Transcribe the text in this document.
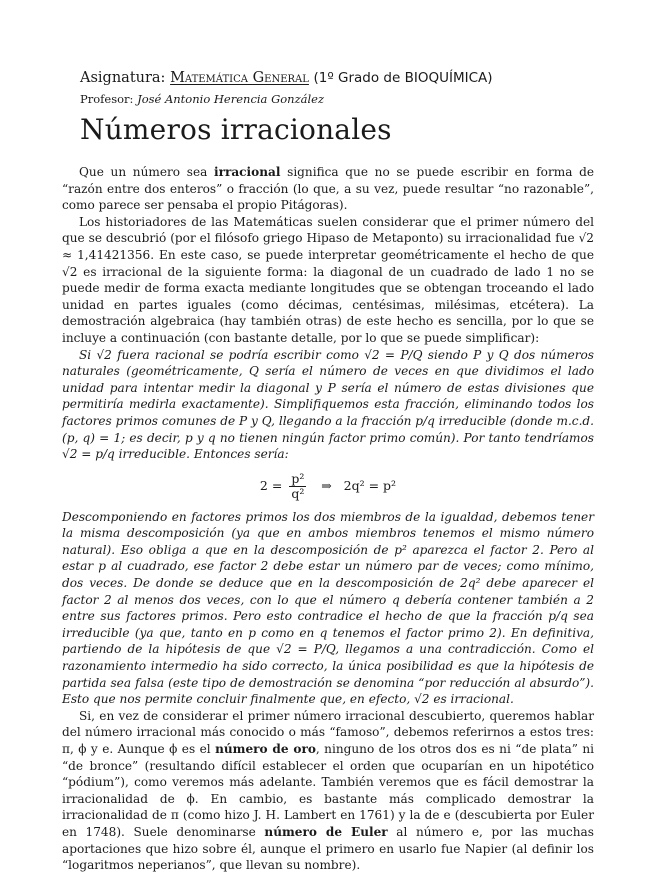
Asignatura: Matemática General (1º Grado de BIOQUÍMICA)
Profesor: José Antonio Herencia González
Números irracionales

Que un número sea irracional significa que no se puede escribir en forma de “razón entre dos enteros” o fracción (lo que, a su vez, puede resultar “no razonable”, como parece ser pensaba el propio Pitágoras).

Los historiadores de las Matemáticas suelen considerar que el primer número del que se descubrió (por el filósofo griego Hipaso de Metaponto) su irracionalidad fue √2 ≈ 1,41421356. En este caso, se puede interpretar geométricamente el hecho de que √2 es irracional de la siguiente forma: la diagonal de un cuadrado de lado 1 no se puede medir de forma exacta mediante longitudes que se obtengan troceando el lado unidad en partes iguales (como décimas, centésimas, milésimas, etcétera). La demostración algebraica (hay también otras) de este hecho es sencilla, por lo que se incluye a continuación (con bastante detalle, por lo que se puede simplificar):

Si √2 fuera racional se podría escribir como √2 = P/Q siendo P y Q dos números naturales (geométricamente, Q sería el número de veces en que dividimos el lado unidad para intentar medir la diagonal y P sería el número de estas divisiones que permitiría medirla exactamente). Simplifiquemos esta fracción, eliminando todos los factores primos comunes de P y Q, llegando a la fracción p/q irreducible (donde m.c.d.(p, q) = 1; es decir, p y q no tienen ningún factor primo común). Por tanto tendríamos √2 = p/q irreducible. Entonces sería:

$2 = \frac{\text{p²}}{\text{q²}}$ ⇒ 2q² = p²

Descomponiendo en factores primos los dos miembros de la igualdad, debemos tener la misma descomposición (ya que en ambos miembros tenemos el mismo número natural). Eso obliga a que en la descomposición de p² aparezca el factor 2. Pero al estar p al cuadrado, ese factor 2 debe estar un número par de veces; como mínimo, dos veces. De donde se deduce que en la descomposición de 2q² debe aparecer el factor 2 al menos dos veces, con lo que el número q debería contener también a 2 entre sus factores primos. Pero esto contradice el hecho de que la fracción p/q sea irreducible (ya que, tanto en p como en q tenemos el factor primo 2). En definitiva, partiendo de la hipótesis de que √2 = P/Q, llegamos a una contradicción. Como el razonamiento intermedio ha sido correcto, la única posibilidad es que la hipótesis de partida sea falsa (este tipo de demostración se denomina “por reducción al absurdo”). Esto que nos permite concluir finalmente que, en efecto, √2 es irracional.

Si, en vez de considerar el primer número irracional descubierto, queremos hablar del número irracional más conocido o más “famoso”, debemos referirnos a estos tres: π, ϕ y e. Aunque ϕ es el número de oro, ninguno de los otros dos es ni “de plata” ni “de bronce” (resultando difícil establecer el orden que ocuparían en un hipotético “pódium”), como veremos más adelante. También veremos que es fácil demostrar la irracionalidad de ϕ. En cambio, es bastante más complicado demostrar la irracionalidad de π (como hizo J. H. Lambert en 1761) y la de e (descubierta por Euler en 1748). Suele denominarse número de Euler al número e, por las muchas aportaciones que hizo sobre él, aunque el primero en usarlo fue Napier (al definir los “logaritmos neperianos”, que llevan su nombre).
